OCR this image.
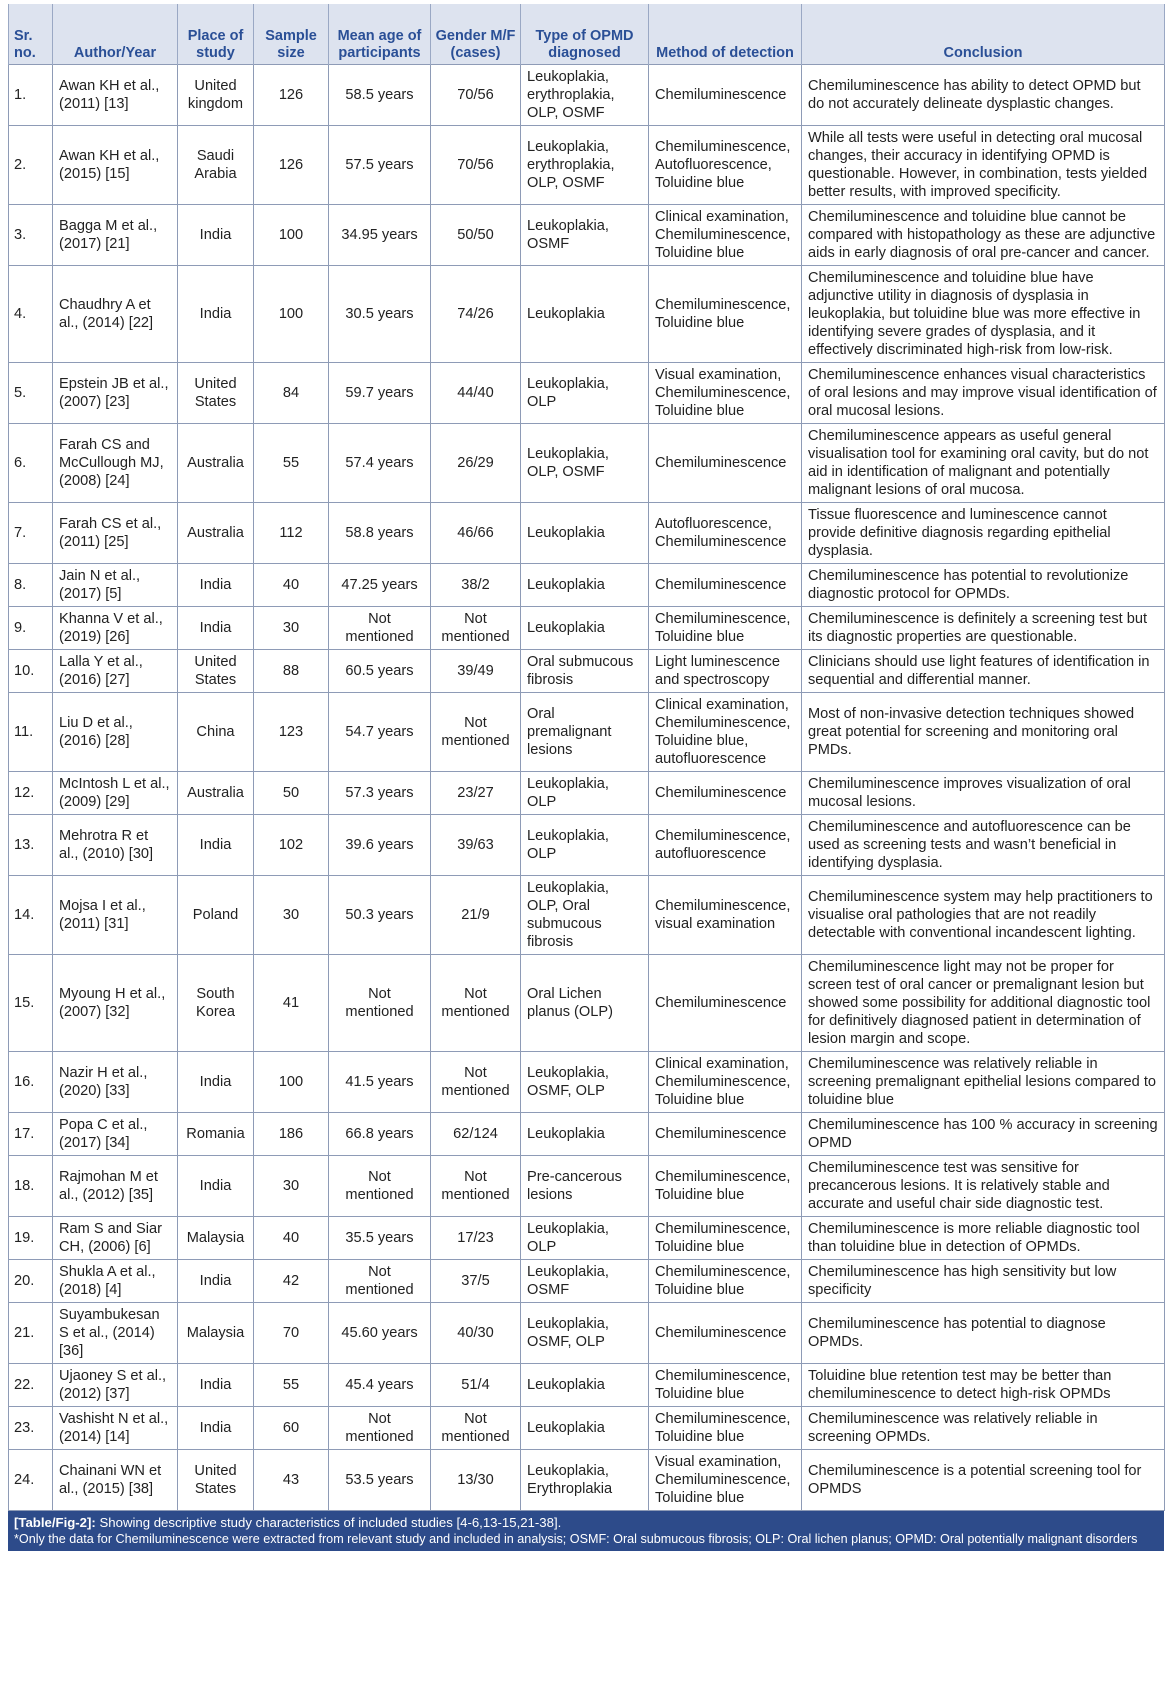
Sr. no.	Author/Year	Place of study	Sample size	Mean age of participants	Gender M/F (cases)	Type of OPMD diagnosed	Method of detection	Conclusion
1.	Awan KH et al., (2011) [13]	United kingdom	126	58.5 years	70/56	Leukoplakia, erythroplakia, OLP, OSMF	Chemiluminescence	Chemiluminescence has ability to detect OPMD but do not accurately delineate dysplastic changes.
2.	Awan KH et al., (2015) [15]	Saudi Arabia	126	57.5 years	70/56	Leukoplakia, erythroplakia, OLP, OSMF	Chemiluminescence, Autofluorescence, Toluidine blue	While all tests were useful in detecting oral mucosal changes, their accuracy in identifying OPMD is questionable. However, in combination, tests yielded better results, with improved specificity.
3.	Bagga M et al., (2017) [21]	India	100	34.95 years	50/50	Leukoplakia, OSMF	Clinical examination, Chemiluminescence, Toluidine blue	Chemiluminescence and toluidine blue cannot be compared with histopathology as these are adjunctive aids in early diagnosis of oral pre-cancer and cancer.
4.	Chaudhry A et al., (2014) [22]	India	100	30.5 years	74/26	Leukoplakia	Chemiluminescence, Toluidine blue	Chemiluminescence and toluidine blue have adjunctive utility in diagnosis of dysplasia in leukoplakia, but toluidine blue was more effective in identifying severe grades of dysplasia, and it effectively discriminated high-risk from low-risk.
5.	Epstein JB et al., (2007) [23]	United States	84	59.7 years	44/40	Leukoplakia, OLP	Visual examination, Chemiluminescence, Toluidine blue	Chemiluminescence enhances visual characteristics of oral lesions and may improve visual identification of oral mucosal lesions.
6.	Farah CS and McCullough MJ, (2008) [24]	Australia	55	57.4 years	26/29	Leukoplakia, OLP, OSMF	Chemiluminescence	Chemiluminescence appears as useful general visualisation tool for examining oral cavity, but do not aid in identification of malignant and potentially malignant lesions of oral mucosa.
7.	Farah CS et al., (2011) [25]	Australia	112	58.8 years	46/66	Leukoplakia	Autofluorescence, Chemiluminescence	Tissue fluorescence and luminescence cannot provide definitive diagnosis regarding epithelial dysplasia.
8.	Jain N et al., (2017) [5]	India	40	47.25 years	38/2	Leukoplakia	Chemiluminescence	Chemiluminescence has potential to revolutionize diagnostic protocol for OPMDs.
9.	Khanna V et al., (2019) [26]	India	30	Not mentioned	Not mentioned	Leukoplakia	Chemiluminescence, Toluidine blue	Chemiluminescence is definitely a screening test but its diagnostic properties are questionable.
10.	Lalla Y et al., (2016) [27]	United States	88	60.5 years	39/49	Oral submucous fibrosis	Light luminescence and spectroscopy	Clinicians should use light features of identification in sequential and differential manner.
11.	Liu D et al., (2016) [28]	China	123	54.7 years	Not mentioned	Oral premalignant lesions	Clinical examination, Chemiluminescence, Toluidine blue, autofluorescence	Most of non-invasive detection techniques showed great potential for screening and monitoring oral PMDs.
12.	McIntosh L et al., (2009) [29]	Australia	50	57.3 years	23/27	Leukoplakia, OLP	Chemiluminescence	Chemiluminescence improves visualization of oral mucosal lesions.
13.	Mehrotra R et al., (2010) [30]	India	102	39.6 years	39/63	Leukoplakia, OLP	Chemiluminescence, autofluorescence	Chemiluminescence and autofluorescence can be used as screening tests and wasn’t beneficial in identifying dysplasia.
14.	Mojsa I et al., (2011) [31]	Poland	30	50.3 years	21/9	Leukoplakia, OLP, Oral submucous fibrosis	Chemiluminescence, visual examination	Chemiluminescence system may help practitioners to visualise oral pathologies that are not readily detectable with conventional incandescent lighting.
15.	Myoung H et al., (2007) [32]	South Korea	41	Not mentioned	Not mentioned	Oral Lichen planus (OLP)	Chemiluminescence	Chemiluminescence light may not be proper for screen test of oral cancer or premalignant lesion but showed some possibility for additional diagnostic tool for definitively diagnosed patient in determination of lesion margin and scope.
16.	Nazir H et al., (2020) [33]	India	100	41.5 years	Not mentioned	Leukoplakia, OSMF, OLP	Clinical examination, Chemiluminescence, Toluidine blue	Chemiluminescence was relatively reliable in screening premalignant epithelial lesions compared to toluidine blue
17.	Popa C et al., (2017) [34]	Romania	186	66.8 years	62/124	Leukoplakia	Chemiluminescence	Chemiluminescence has 100 % accuracy in screening OPMD
18.	Rajmohan M et al., (2012) [35]	India	30	Not mentioned	Not mentioned	Pre-cancerous lesions	Chemiluminescence, Toluidine blue	Chemiluminescence test was sensitive for precancerous lesions. It is relatively stable and accurate and useful chair side diagnostic test.
19.	Ram S and Siar CH, (2006) [6]	Malaysia	40	35.5 years	17/23	Leukoplakia, OLP	Chemiluminescence, Toluidine blue	Chemiluminescence is more reliable diagnostic tool than toluidine blue in detection of OPMDs.
20.	Shukla A et al., (2018) [4]	India	42	Not mentioned	37/5	Leukoplakia, OSMF	Chemiluminescence, Toluidine blue	Chemiluminescence has high sensitivity but low specificity
21.	Suyambukesan S et al., (2014) [36]	Malaysia	70	45.60 years	40/30	Leukoplakia, OSMF, OLP	Chemiluminescence	Chemiluminescence has potential to diagnose OPMDs.
22.	Ujaoney S et al., (2012) [37]	India	55	45.4 years	51/4	Leukoplakia	Chemiluminescence, Toluidine blue	Toluidine blue retention test may be better than chemiluminescence to detect high-risk OPMDs
23.	Vashisht N et al., (2014) [14]	India	60	Not mentioned	Not mentioned	Leukoplakia	Chemiluminescence, Toluidine blue	Chemiluminescence was relatively reliable in screening OPMDs.
24.	Chainani WN et al., (2015) [38]	United States	43	53.5 years	13/30	Leukoplakia, Erythroplakia	Visual examination, Chemiluminescence, Toluidine blue	Chemiluminescence is a potential screening tool for OPMDS
[Table/Fig-2]: Showing descriptive study characteristics of included studies [4-6,13-15,21-38].
*Only the data for Chemiluminescence were extracted from relevant study and included in analysis; OSMF: Oral submucous fibrosis; OLP: Oral lichen planus; OPMD: Oral potentially malignant disorders
